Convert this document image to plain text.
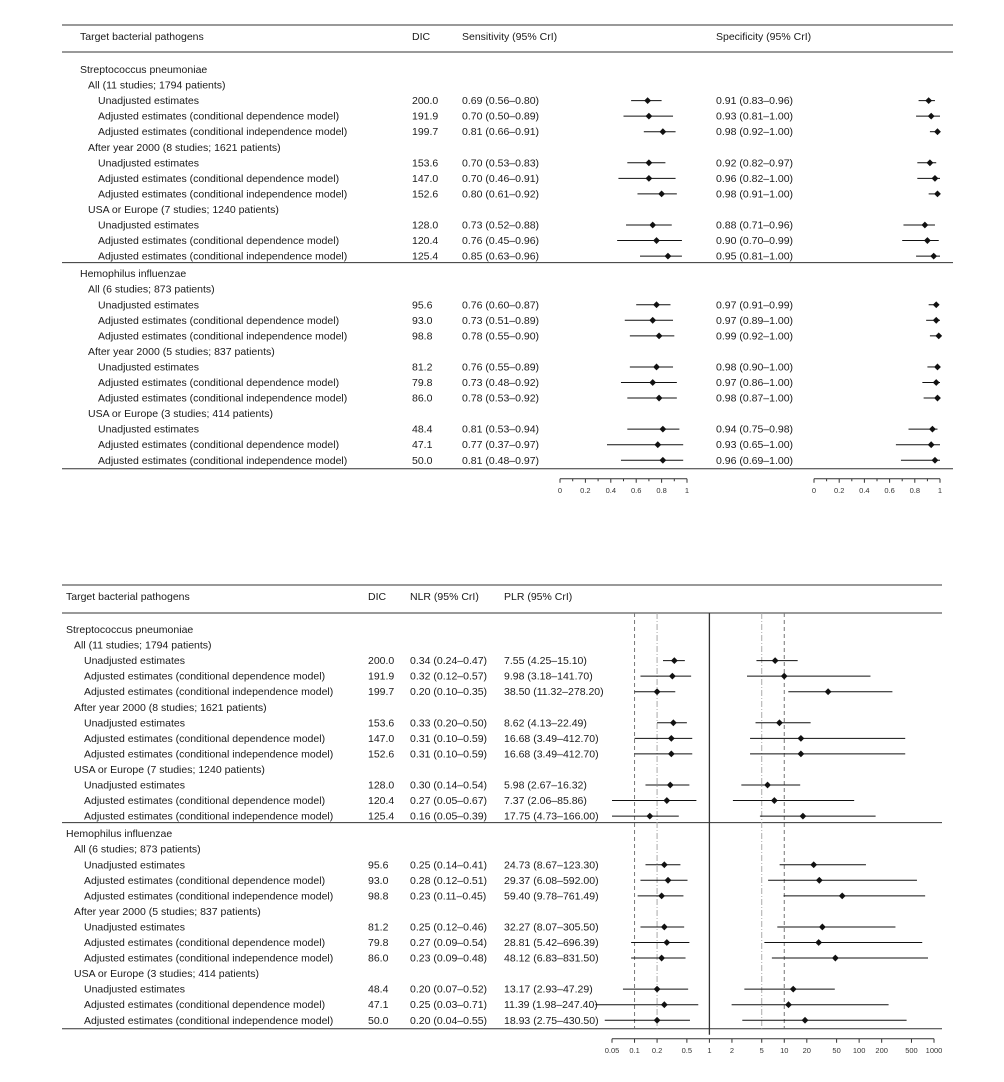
Target bacterial pathogens	DIC	Sensitivity (95% CrI)	Specificity (95% CrI)
Streptococcus pneumoniae
All (11 studies; 1794 patients)
Unadjusted estimates	200.0 0.69 (0.56–0.80)	0.91 (0.83–0.96)
Adjusted estimates (conditional dependence model)	191.9 0.70 (0.50–0.89)	0.93 (0.81–1.00)
Adjusted estimates (conditional independence model)	199.7 0.81 (0.66–0.91)	0.98 (0.92–1.00)
After year 2000 (8 studies; 1621 patients)
Unadjusted estimates	153.6 0.70 (0.53–0.83)	0.92 (0.82–0.97)
Adjusted estimates (conditional dependence model)	147.0 0.70 (0.46–0.91)	0.96 (0.82–1.00)
Adjusted estimates (conditional independence model)	152.6 0.80 (0.61–0.92)	0.98 (0.91–1.00)
USA or Europe (7 studies; 1240 patients)
Unadjusted estimates	128.0 0.73 (0.52–0.88)	0.88 (0.71–0.96)
Adjusted estimates (conditional dependence model)	120.4 0.76 (0.45–0.96)	0.90 (0.70–0.99)
Adjusted estimates (conditional independence model)	125.4 0.85 (0.63–0.96)	0.95 (0.81–1.00)
Hemophilus influenzae
All (6 studies; 873 patients)
Unadjusted estimates	95.6	0.76 (0.60–0.87)	0.97 (0.91–0.99)
Adjusted estimates (conditional dependence model)	93.0	0.73 (0.51–0.89)	0.97 (0.89–1.00)
Adjusted estimates (conditional independence model)	98.8	0.78 (0.55–0.90)	0.99 (0.92–1.00)
After year 2000 (5 studies; 837 patients)
Unadjusted estimates	81.2	0.76 (0.55–0.89)	0.98 (0.90–1.00)
Adjusted estimates (conditional dependence model)	79.8	0.73 (0.48–0.92)	0.97 (0.86–1.00)
Adjusted estimates (conditional independence model)	86.0	0.78 (0.53–0.92)	0.98 (0.87–1.00)
USA or Europe (3 studies; 414 patients)
Unadjusted estimates	48.4	0.81 (0.53–0.94)	0.94 (0.75–0.98)
Adjusted estimates (conditional dependence model)	47.1	0.77 (0.37–0.97)	0.93 (0.65–1.00)
Adjusted estimates (conditional independence model)	50.0	0.81 (0.48–0.97)	0.96 (0.69–1.00)
0 0.2 0.4 0.6 0.8 1	0 0.2 0.4 0.6 0.8 1
Target bacterial pathogens	DIC NLR (95% CrI) PLR (95% CrI)
Streptococcus pneumoniae
All (11 studies; 1794 patients)
Unadjusted estimates	200.0 0.34 (0.24–0.47) 7.55 (4.25–15.10)
Adjusted estimates (conditional dependence model)	191.9 0.32 (0.12–0.57) 9.98 (3.18–141.70)
Adjusted estimates (conditional independence model)	199.7 0.20 (0.10–0.35) 38.50 (11.32–278.20)
After year 2000 (8 studies; 1621 patients)
Unadjusted estimates	153.6 0.33 (0.20–0.50) 8.62 (4.13–22.49)
Adjusted estimates (conditional dependence model)	147.0 0.31 (0.10–0.59) 16.68 (3.49–412.70)
Adjusted estimates (conditional independence model)	152.6 0.31 (0.10–0.59) 16.68 (3.49–412.70)
USA or Europe (7 studies; 1240 patients)
Unadjusted estimates	128.0 0.30 (0.14–0.54) 5.98 (2.67–16.32)
Adjusted estimates (conditional dependence model)	120.4 0.27 (0.05–0.67) 7.37 (2.06–85.86)
Adjusted estimates (conditional independence model)	125.4 0.16 (0.05–0.39) 17.75 (4.73–166.00)
Hemophilus influenzae
All (6 studies; 873 patients)
Unadjusted estimates	95.6 0.25 (0.14–0.41) 24.73 (8.67–123.30)
Adjusted estimates (conditional dependence model)	93.0 0.28 (0.12–0.51) 29.37 (6.08–592.00)
Adjusted estimates (conditional independence model)	98.8 0.23 (0.11–0.45) 59.40 (9.78–761.49)
After year 2000 (5 studies; 837 patients)
Unadjusted estimates	81.2 0.25 (0.12–0.46) 32.27 (8.07–305.50)
Adjusted estimates (conditional dependence model)	79.8 0.27 (0.09–0.54) 28.81 (5.42–696.39)
Adjusted estimates (conditional independence model)	86.0 0.23 (0.09–0.48) 48.12 (6.83–831.50)
USA or Europe (3 studies; 414 patients)
Unadjusted estimates	48.4 0.20 (0.07–0.52) 13.17 (2.93–47.29)
Adjusted estimates (conditional dependence model)	47.1 0.25 (0.03–0.71) 11.39 (1.98–247.40)
Adjusted estimates (conditional independence model)	50.0 0.20 (0.04–0.55) 18.93 (2.75–430.50)
0.05 0.1 0.2	0.5 1 2	5 10 20	50 100 200 500 1000
